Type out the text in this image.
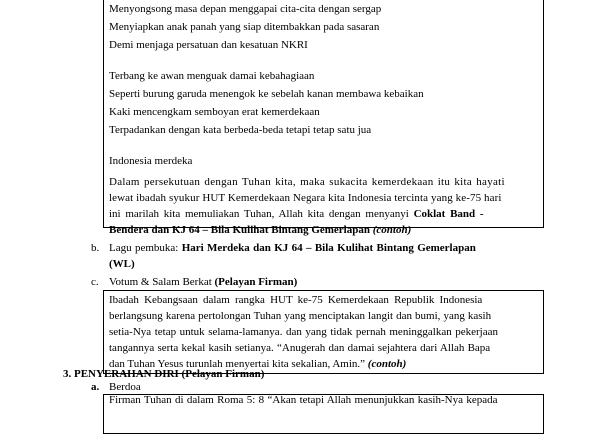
Menyongsong masa depan menggapai cita-cita dengan sergap
Menyiapkan anak panah yang siap ditembakkan pada sasaran
Demi menjaga persatuan dan kesatuan NKRI
Terbang ke awan menguak damai kebahagiaan
Seperti burung garuda menengok ke sebelah kanan membawa kebaikan
Kaki mencengkam semboyan erat kemerdekaan
Terpadankan dengan kata berbeda-beda tetapi tetap satu jua
Indonesia merdeka
Dalam persekutuan dengan Tuhan kita, maka sukacita kemerdekaan itu kita hayati
lewat ibadah syukur HUT Kemerdekaan Negara kita Indonesia tercinta yang ke-75 hari
ini marilah kita memuliakan Tuhan, Allah kita dengan menyanyi Coklat Band -
Bendera dan KJ 64 – Bila Kulihat Bintang Gemerlapan (contoh)
b. Lagu pembuka: Hari Merdeka dan KJ 64 – Bila Kulihat Bintang Gemerlapan
(WL)
c. Votum & Salam Berkat (Pelayan Firman)
Ibadah Kebangsaan dalam rangka HUT ke-75 Kemerdekaan Republik Indonesia
berlangsung karena pertolongan Tuhan yang menciptakan langit dan bumi, yang kasih
setia-Nya tetap untuk selama-lamanya. dan yang tidak pernah meninggalkan pekerjaan
tangannya serta kekal kasih setianya. “Anugerah dan damai sejahtera dari Allah Bapa
dan Tuhan Yesus turunlah menyertai kita sekalian, Amin.” (contoh)
3. PENYERAHAN DIRI (Pelayan Firman)
a. Berdoa
Firman Tuhan di dalam Roma 5: 8 “Akan tetapi Allah menunjukkan kasih-Nya kepada
